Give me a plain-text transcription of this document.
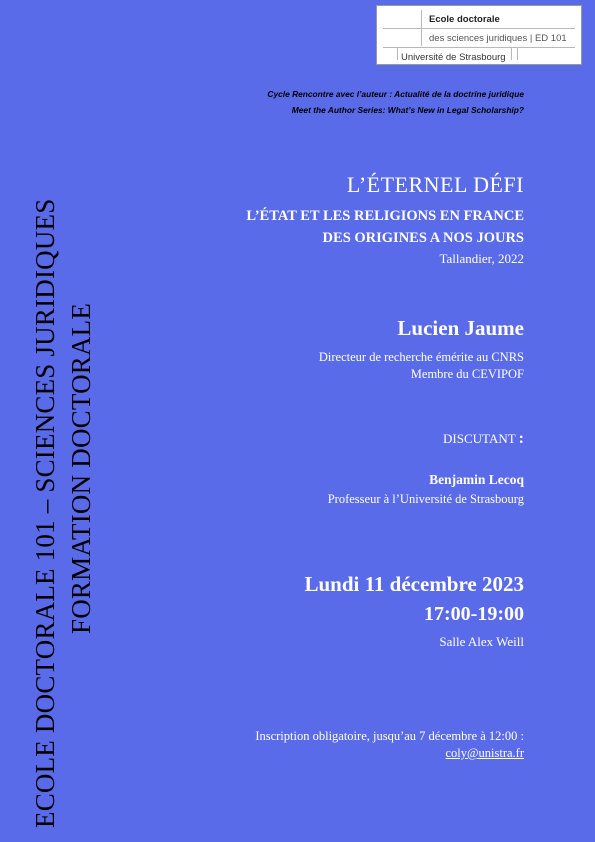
Ecole doctorale
des sciences juridiques | ED 101
Université de Strasbourg
ECOLE DOCTORALE 101 – SCIENCES JURIDIQUES FORMATION DOCTORALE
Cycle Rencontre avec l’auteur : Actualité de la doctrine juridique
Meet the Author Series: What’s New in Legal Scholarship?
L’ÉTERNEL DÉFI
L’ÉTAT ET LES RELIGIONS EN FRANCE
DES ORIGINES A NOS JOURS
Tallandier, 2022
Lucien Jaume
Directeur de recherche émérite au CNRS
Membre du CEVIPOF
DISCUTANT :
Benjamin Lecoq
Professeur à l’Université de Strasbourg
Lundi 11 décembre 2023
17:00-19:00
Salle Alex Weill
Inscription obligatoire, jusqu’au 7 décembre à 12:00 :
coly@unistra.fr
